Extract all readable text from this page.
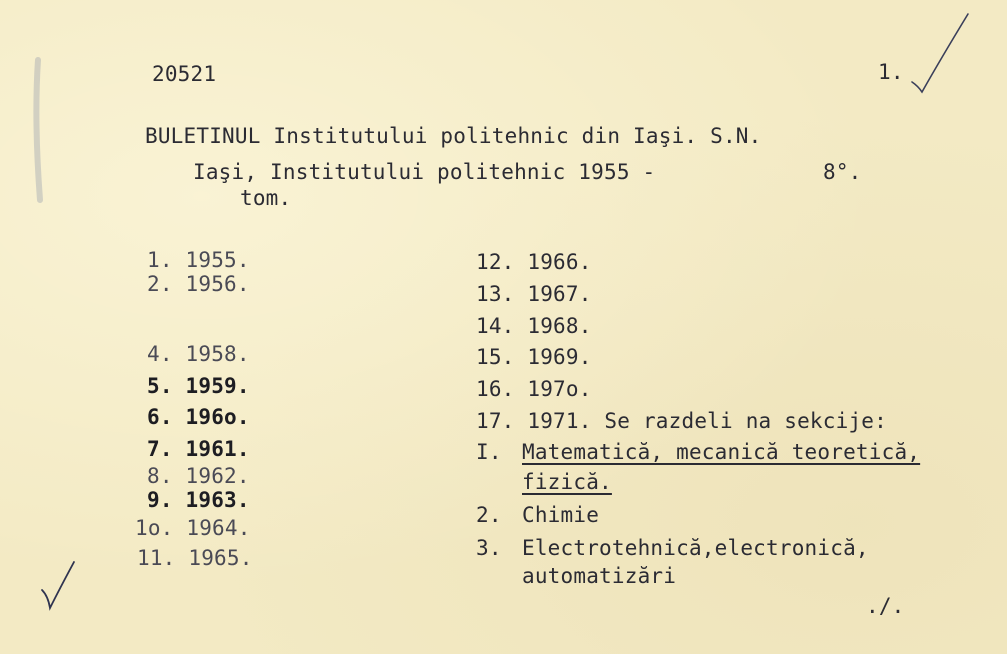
20521	1.
BULETINUL Institutului politehnic din Iaşi. S.N.
Iaşi, Institutului politehnic 1955 -	8°.
tom.
1. 1955.
2. 1956.
4. 1958.
5. 1959.
6. 196o.
7. 1961.
8. 1962.
9. 1963.
1o. 1964.
11. 1965.
12. 1966.
13. 1967.
14. 1968.
15. 1969.
16. 197o.
17. 1971. Se razdeli na sekcije:
I. Matematică, mecanică teoretică,
fizică.
2. Chimie
3. Electrotehnică,electronică,
automatizări
./.
